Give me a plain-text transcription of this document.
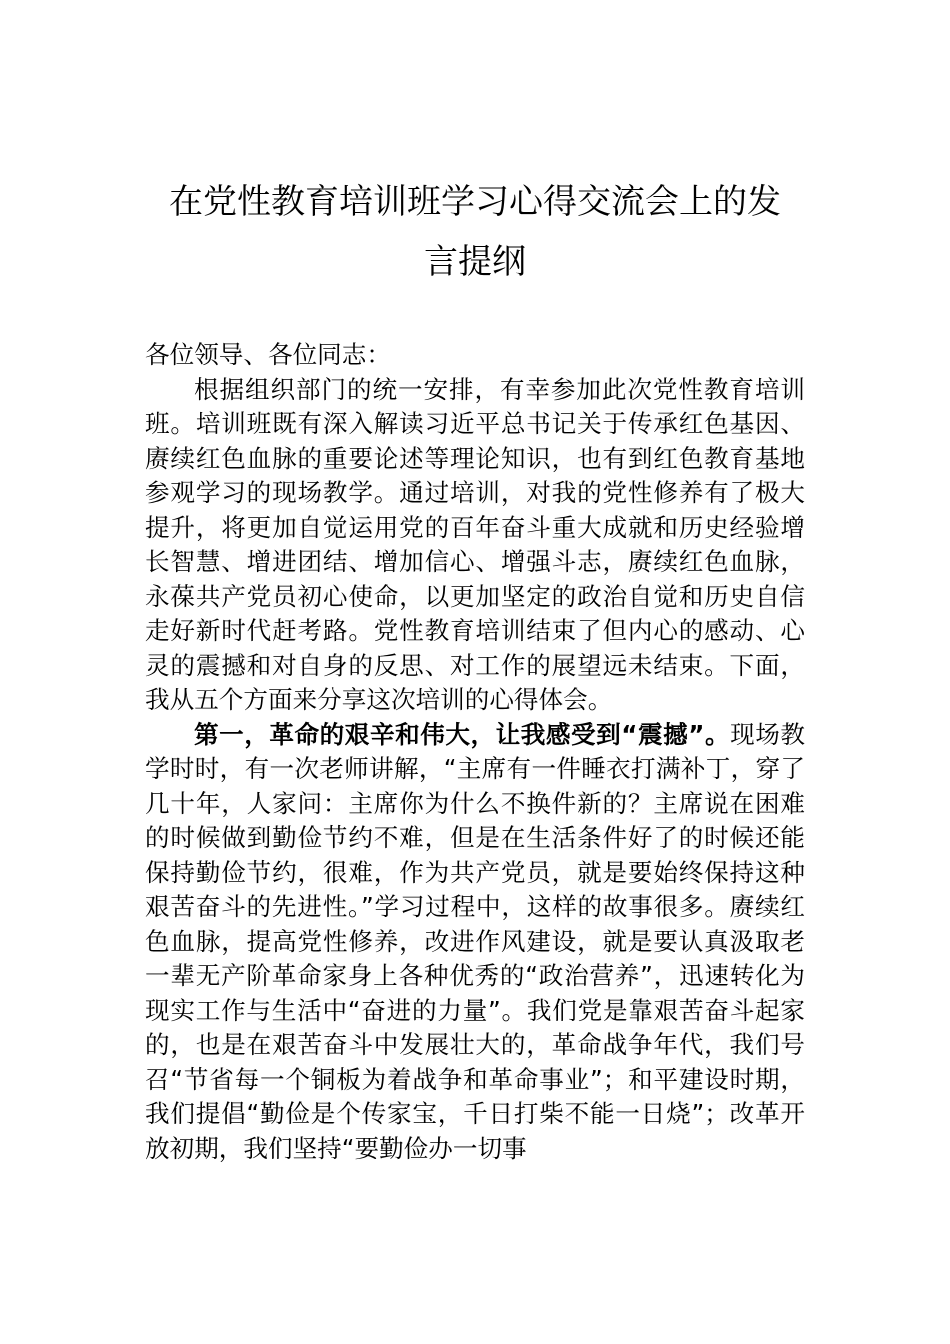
在党性教育培训班学习心得交流会上的发
言提纲

各位领导、各位同志：

根据组织部门的统一安排，有幸参加此次党性教育培训班。培训班既有深入解读习近平总书记关于传承红色基因、赓续红色血脉的重要论述等理论知识，也有到红色教育基地参观学习的现场教学。通过培训，对我的党性修养有了极大提升，将更加自觉运用党的百年奋斗重大成就和历史经验增长智慧、增进团结、增加信心、增强斗志，赓续红色血脉，永葆共产党员初心使命，以更加坚定的政治自觉和历史自信走好新时代赶考路。党性教育培训结束了但内心的感动、心灵的震撼和对自身的反思、对工作的展望远未结束。下面，我从五个方面来分享这次培训的心得体会。

第一，革命的艰辛和伟大，让我感受到“震撼”。现场教学时时，有一次老师讲解，“主席有一件睡衣打满补丁，穿了几十年，人家问：主席你为什么不换件新的？主席说在困难的时候做到勤俭节约不难，但是在生活条件好了的时候还能保持勤俭节约，很难，作为共产党员，就是要始终保持这种艰苦奋斗的先进性。”学习过程中，这样的故事很多。赓续红色血脉，提高党性修养，改进作风建设，就是要认真汲取老一辈无产阶革命家身上各种优秀的“政治营养”，迅速转化为现实工作与生活中“奋进的力量”。我们党是靠艰苦奋斗起家的，也是在艰苦奋斗中发展壮大的，革命战争年代，我们号召“节省每一个铜板为着战争和革命事业”；和平建设时期，我们提倡“勤俭是个传家宝，千日打柴不能一日烧”；改革开放初期，我们坚持“要勤俭办一切事
